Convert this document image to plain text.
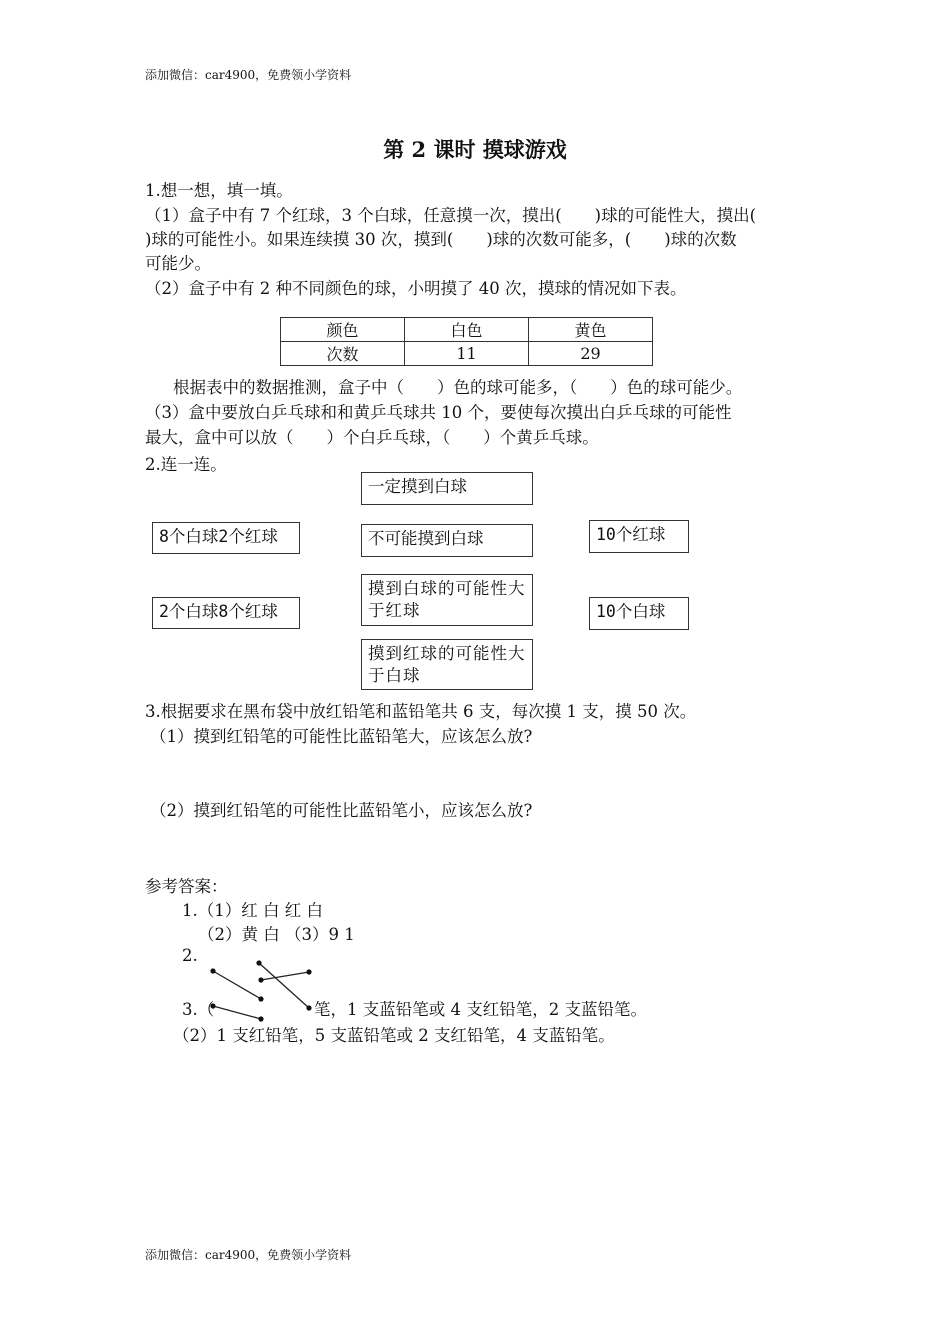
添加微信：car4900，免费领小学资料
第 2 课时 摸球游戏
1.想一想，填一填。
（1）盒子中有 7 个红球，3 个白球，任意摸一次，摸出(　　)球的可能性大，摸出(
)球的可能性小。如果连续摸 30 次，摸到(　　)球的次数可能多，(　　)球的次数
可能少。
（2）盒子中有 2 种不同颜色的球，小明摸了 40 次，摸球的情况如下表。
颜色	白色	黄色
次数	11	29
根据表中的数据推测，盒子中（　　）色的球可能多，（　　）色的球可能少。
（3）盒中要放白乒乓球和和黄乒乓球共 10 个，要使每次摸出白乒乓球的可能性
最大，盒中可以放（　　）个白乒乓球，（　　）个黄乒乓球。
2.连一连。
一定摸到白球
8个白球2个红球	不可能摸到白球	10个红球
摸到白球的可能性大于红球
2个白球8个红球	10个白球
摸到红球的可能性大于白球
3.根据要求在黑布袋中放红铅笔和蓝铅笔共 6 支，每次摸 1 支，摸 50 次。
（1）摸到红铅笔的可能性比蓝铅笔大，应该怎么放?
（2）摸到红铅笔的可能性比蓝铅笔小，应该怎么放?
参考答案：
1.（1）红 白 红 白
（2）黄 白 （3）9 1
2.
3.（	笔，1 支蓝铅笔或 4 支红铅笔，2 支蓝铅笔。
（2）1 支红铅笔，5 支蓝铅笔或 2 支红铅笔，4 支蓝铅笔。
添加微信：car4900，免费领小学资料
